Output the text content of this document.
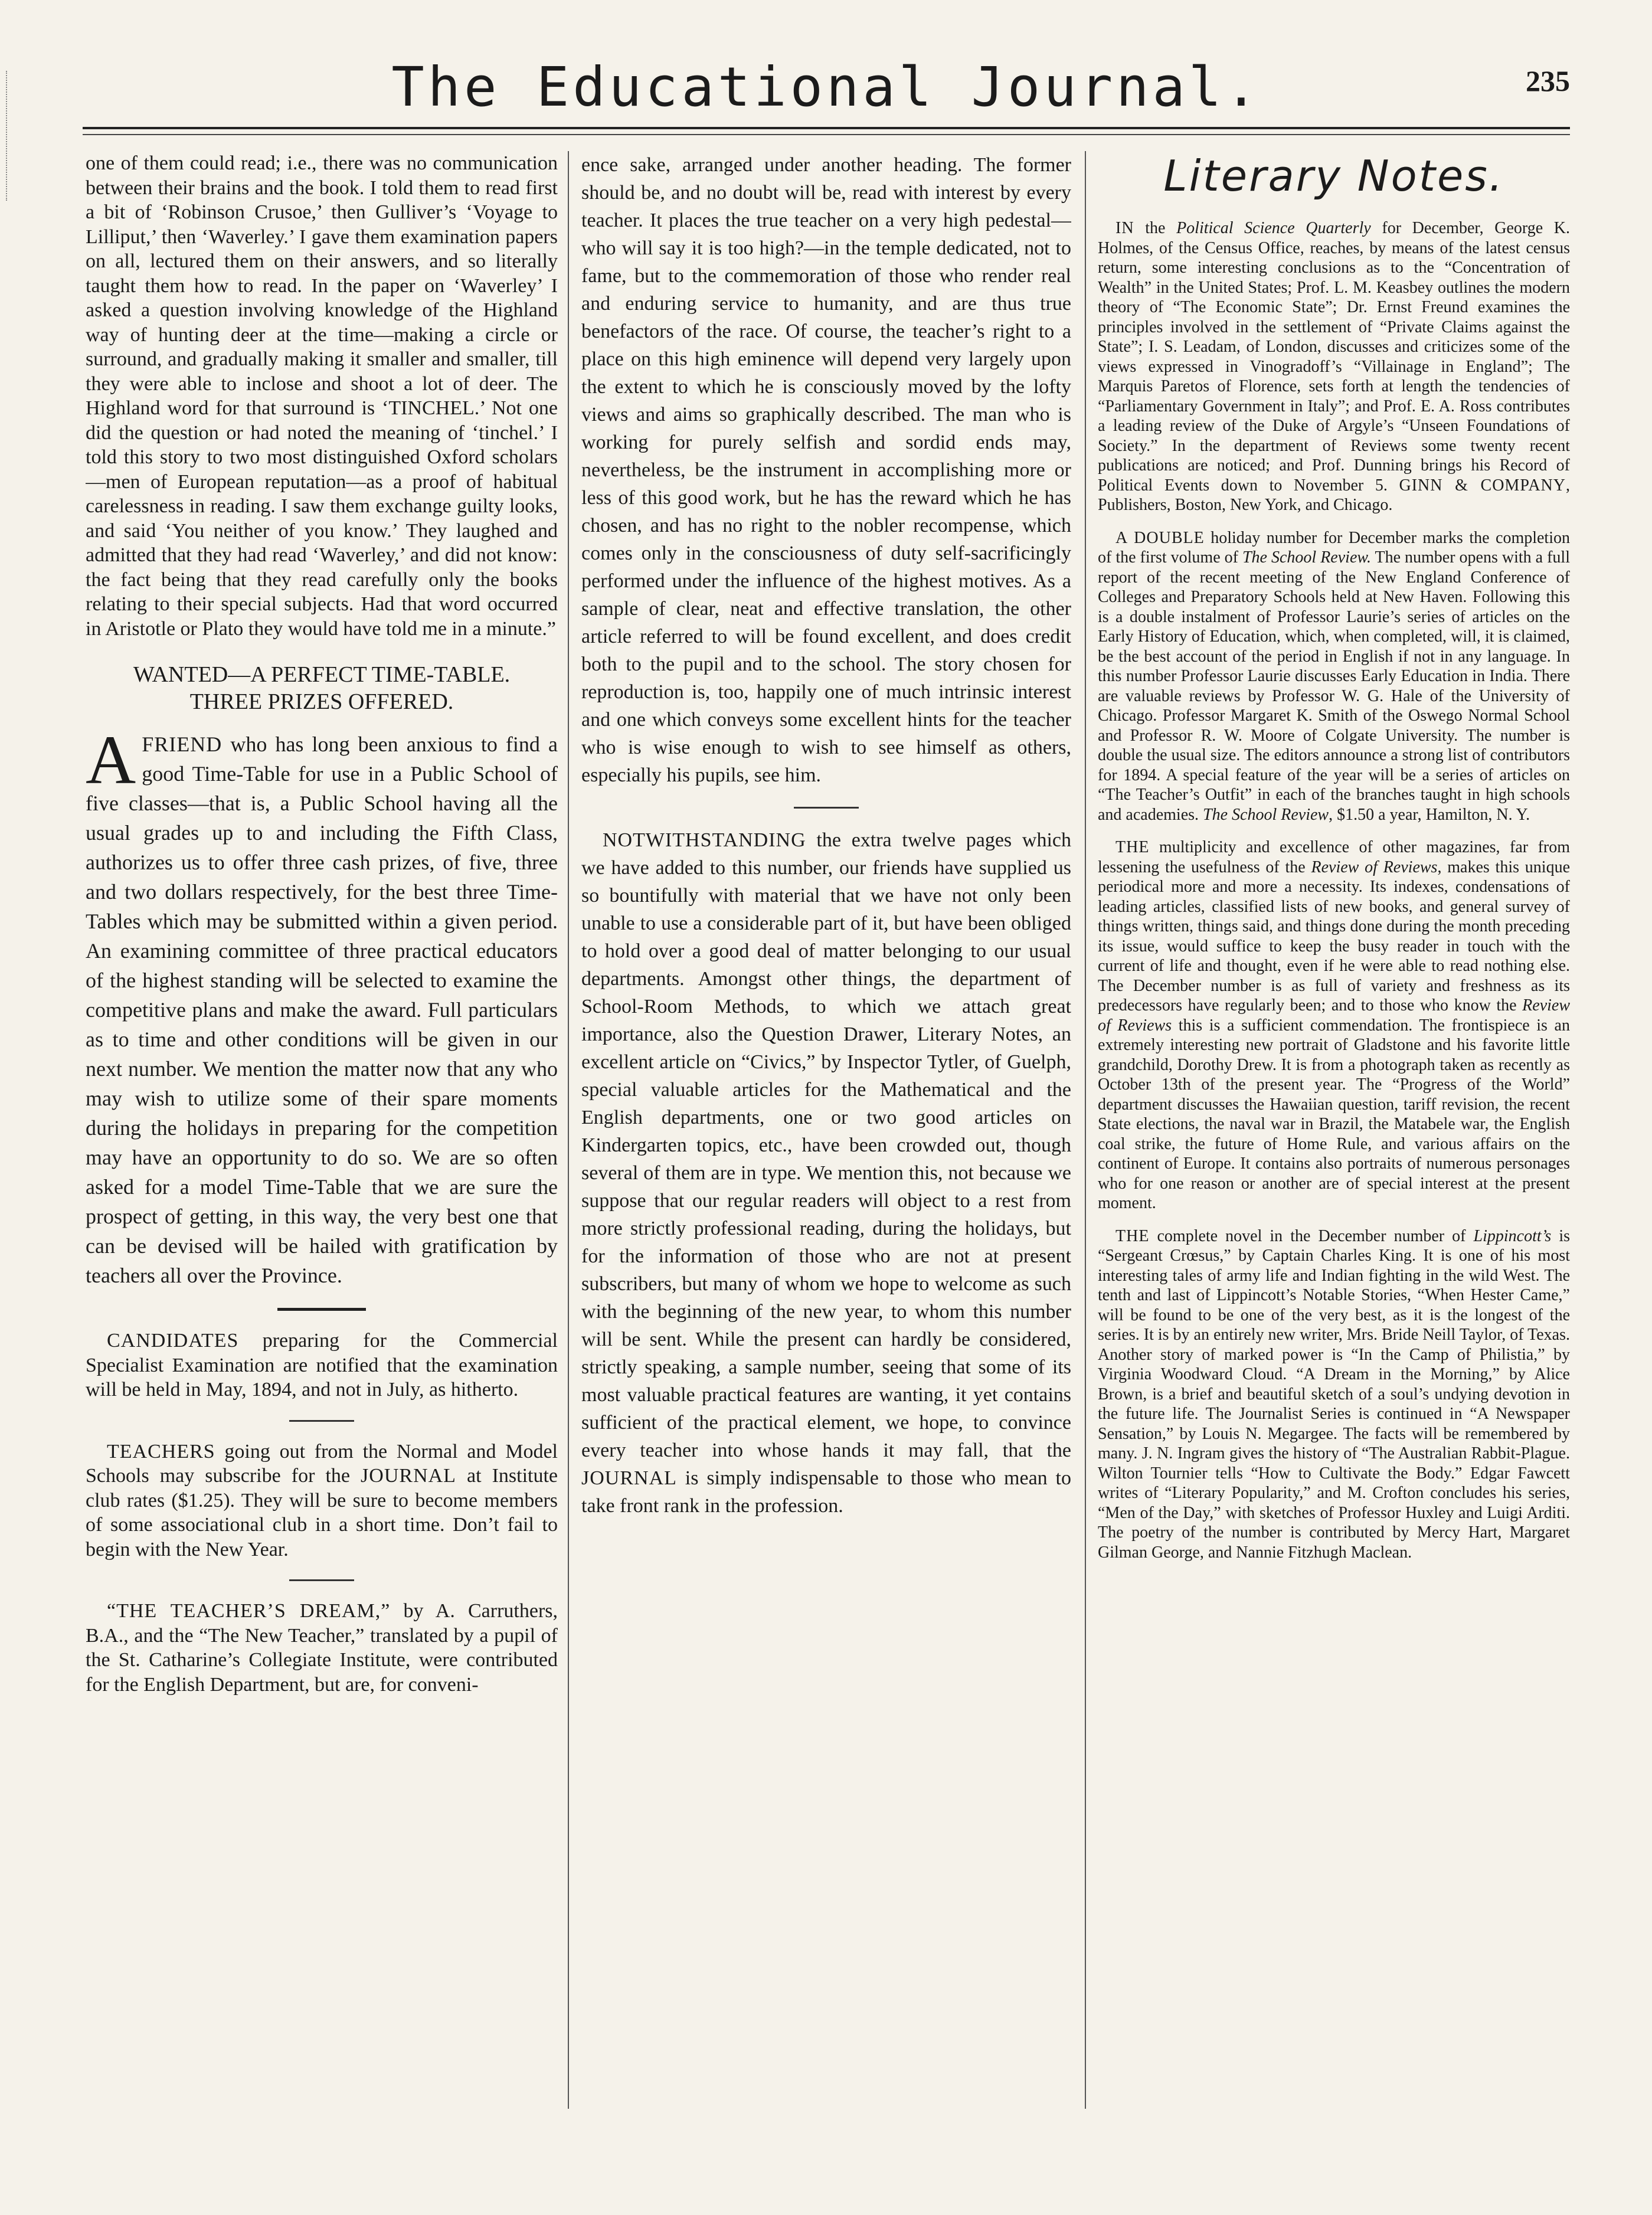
The Educational Journal.	235

one of them could read; i.e., there was no communication between their brains and the book. I told them to read first a bit of ‘Robinson Crusoe,’ then Gulliver’s ‘Voyage to Lilliput,’ then ‘Waverley.’ I gave them examination papers on all, lectured them on their answers, and so literally taught them how to read. In the paper on ‘Waverley’ I asked a question involving knowledge of the Highland way of hunting deer at the time—making a circle or surround, and gradually making it smaller and smaller, till they were able to inclose and shoot a lot of deer. The Highland word for that surround is ‘TINCHEL.’ Not one did the question or had noted the meaning of ‘tinchel.’ I told this story to two most distinguished Oxford scholars—men of European reputation—as a proof of habitual carelessness in reading. I saw them exchange guilty looks, and said ‘You neither of you know.’ They laughed and admitted that they had read ‘Waverley,’ and did not know: the fact being that they read carefully only the books relating to their special subjects. Had that word occurred in Aristotle or Plato they would have told me in a minute.”

WANTED—A PERFECT TIME-TABLE.
THREE PRIZES OFFERED.

AFRIEND who has long been anxious to find a good Time-Table for use in a Public School of five classes—that is, a Public School having all the usual grades up to and including the Fifth Class, authorizes us to offer three cash prizes, of five, three and two dollars respectively, for the best three Time-Tables which may be submitted within a given period. An examining committee of three practical educators of the highest standing will be selected to examine the competitive plans and make the award. Full particulars as to time and other conditions will be given in our next number. We mention the matter now that any who may wish to utilize some of their spare moments during the holidays in preparing for the competition may have an opportunity to do so. We are so often asked for a model Time-Table that we are sure the prospect of getting, in this way, the very best one that can be devised will be hailed with gratification by teachers all over the Province.

CANDIDATES preparing for the Commercial Specialist Examination are notified that the examination will be held in May, 1894, and not in July, as hitherto.

TEACHERS going out from the Normal and Model Schools may subscribe for the JOURNAL at Institute club rates ($1.25). They will be sure to become members of some associational club in a short time. Don’t fail to begin with the New Year.

“THE TEACHER’S DREAM,” by A. Carruthers, B.A., and the “The New Teacher,” translated by a pupil of the St. Catharine’s Collegiate Institute, were contributed for the English Department, but are, for conveni-

ence sake, arranged under another heading. The former should be, and no doubt will be, read with interest by every teacher. It places the true teacher on a very high pedestal—who will say it is too high?—in the temple dedicated, not to fame, but to the commemoration of those who render real and enduring service to humanity, and are thus true benefactors of the race. Of course, the teacher’s right to a place on this high eminence will depend very largely upon the extent to which he is consciously moved by the lofty views and aims so graphically described. The man who is working for purely selfish and sordid ends may, nevertheless, be the instrument in accomplishing more or less of this good work, but he has the reward which he has chosen, and has no right to the nobler recompense, which comes only in the consciousness of duty self-sacrificingly performed under the influence of the highest motives. As a sample of clear, neat and effective translation, the other article referred to will be found excellent, and does credit both to the pupil and to the school. The story chosen for reproduction is, too, happily one of much intrinsic interest and one which conveys some excellent hints for the teacher who is wise enough to wish to see himself as others, especially his pupils, see him.

NOTWITHSTANDING the extra twelve pages which we have added to this number, our friends have supplied us so bountifully with material that we have not only been unable to use a considerable part of it, but have been obliged to hold over a good deal of matter belonging to our usual departments. Amongst other things, the department of School-Room Methods, to which we attach great importance, also the Question Drawer, Literary Notes, an excellent article on “Civics,” by Inspector Tytler, of Guelph, special valuable articles for the Mathematical and the English departments, one or two good articles on Kindergarten topics, etc., have been crowded out, though several of them are in type. We mention this, not because we suppose that our regular readers will object to a rest from more strictly professional reading, during the holidays, but for the information of those who are not at present subscribers, but many of whom we hope to welcome as such with the beginning of the new year, to whom this number will be sent. While the present can hardly be considered, strictly speaking, a sample number, seeing that some of its most valuable practical features are wanting, it yet contains sufficient of the practical element, we hope, to convince every teacher into whose hands it may fall, that the JOURNAL is simply indispensable to those who mean to take front rank in the profession.

Literary Notes.

IN the Political Science Quarterly for December, George K. Holmes, of the Census Office, reaches, by means of the latest census return, some interesting conclusions as to the “Concentration of Wealth” in the United States; Prof. L. M. Keasbey outlines the modern theory of “The Economic State”; Dr. Ernst Freund examines the principles involved in the settlement of “Private Claims against the State”; I. S. Leadam, of London, discusses and criticizes some of the views expressed in Vinogradoff’s “Villainage in England”; The Marquis Paretos of Florence, sets forth at length the tendencies of “Parliamentary Government in Italy”; and Prof. E. A. Ross contributes a leading review of the Duke of Argyle’s “Unseen Foundations of Society.” In the department of Reviews some twenty recent publications are noticed; and Prof. Dunning brings his Record of Political Events down to November 5. GINN & COMPANY, Publishers, Boston, New York, and Chicago.

A DOUBLE holiday number for December marks the completion of the first volume of The School Review. The number opens with a full report of the recent meeting of the New England Conference of Colleges and Preparatory Schools held at New Haven. Following this is a double instalment of Professor Laurie’s series of articles on the Early History of Education, which, when completed, will, it is claimed, be the best account of the period in English if not in any language. In this number Professor Laurie discusses Early Education in India. There are valuable reviews by Professor W. G. Hale of the University of Chicago. Professor Margaret K. Smith of the Oswego Normal School and Professor R. W. Moore of Colgate University. The number is double the usual size. The editors announce a strong list of contributors for 1894. A special feature of the year will be a series of articles on “The Teacher’s Outfit” in each of the branches taught in high schools and academies. The School Review, $1.50 a year, Hamilton, N. Y.

THE multiplicity and excellence of other magazines, far from lessening the usefulness of the Review of Reviews, makes this unique periodical more and more a necessity. Its indexes, condensations of leading articles, classified lists of new books, and general survey of things written, things said, and things done during the month preceding its issue, would suffice to keep the busy reader in touch with the current of life and thought, even if he were able to read nothing else. The December number is as full of variety and freshness as its predecessors have regularly been; and to those who know the Review of Reviews this is a sufficient commendation. The frontispiece is an extremely interesting new portrait of Gladstone and his favorite little grandchild, Dorothy Drew. It is from a photograph taken as recently as October 13th of the present year. The “Progress of the World” department discusses the Hawaiian question, tariff revision, the recent State elections, the naval war in Brazil, the Matabele war, the English coal strike, the future of Home Rule, and various affairs on the continent of Europe. It contains also portraits of numerous personages who for one reason or another are of special interest at the present moment.

THE complete novel in the December number of Lippincott’s is “Sergeant Crœsus,” by Captain Charles King. It is one of his most interesting tales of army life and Indian fighting in the wild West. The tenth and last of Lippincott’s Notable Stories, “When Hester Came,” will be found to be one of the very best, as it is the longest of the series. It is by an entirely new writer, Mrs. Bride Neill Taylor, of Texas. Another story of marked power is “In the Camp of Philistia,” by Virginia Woodward Cloud. “A Dream in the Morning,” by Alice Brown, is a brief and beautiful sketch of a soul’s undying devotion in the future life. The Journalist Series is continued in “A Newspaper Sensation,” by Louis N. Megargee. The facts will be remembered by many. J. N. Ingram gives the history of “The Australian Rabbit-Plague. Wilton Tournier tells “How to Cultivate the Body.” Edgar Fawcett writes of “Literary Popularity,” and M. Crofton concludes his series, “Men of the Day,” with sketches of Professor Huxley and Luigi Arditi. The poetry of the number is contributed by Mercy Hart, Margaret Gilman George, and Nannie Fitzhugh Maclean.
